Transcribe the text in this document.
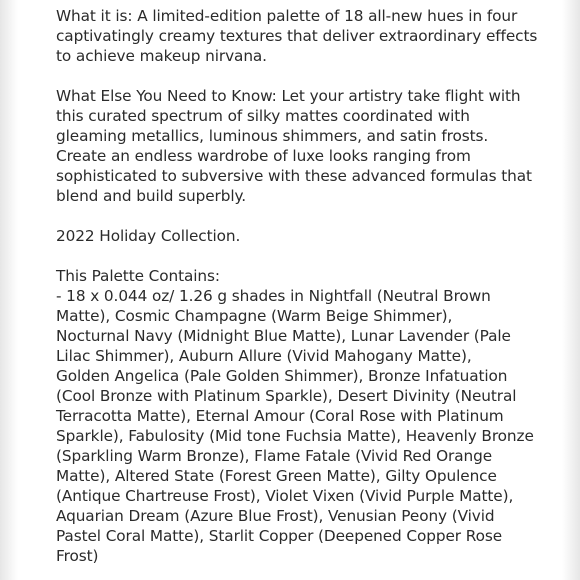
What it is: A limited-edition palette of 18 all-new hues in four
captivatingly creamy textures that deliver extraordinary effects
to achieve makeup nirvana.

What Else You Need to Know: Let your artistry take flight with
this curated spectrum of silky mattes coordinated with
gleaming metallics, luminous shimmers, and satin frosts.
Create an endless wardrobe of luxe looks ranging from
sophisticated to subversive with these advanced formulas that
blend and build superbly.

2022 Holiday Collection.

This Palette Contains:
- 18 x 0.044 oz/ 1.26 g shades in Nightfall (Neutral Brown
Matte), Cosmic Champagne (Warm Beige Shimmer),
Nocturnal Navy (Midnight Blue Matte), Lunar Lavender (Pale
Lilac Shimmer), Auburn Allure (Vivid Mahogany Matte),
Golden Angelica (Pale Golden Shimmer), Bronze Infatuation
(Cool Bronze with Platinum Sparkle), Desert Divinity (Neutral
Terracotta Matte), Eternal Amour (Coral Rose with Platinum
Sparkle), Fabulosity (Mid tone Fuchsia Matte), Heavenly Bronze
(Sparkling Warm Bronze), Flame Fatale (Vivid Red Orange
Matte), Altered State (Forest Green Matte), Gilty Opulence
(Antique Chartreuse Frost), Violet Vixen (Vivid Purple Matte),
Aquarian Dream (Azure Blue Frost), Venusian Peony (Vivid
Pastel Coral Matte), Starlit Copper (Deepened Copper Rose
Frost)
